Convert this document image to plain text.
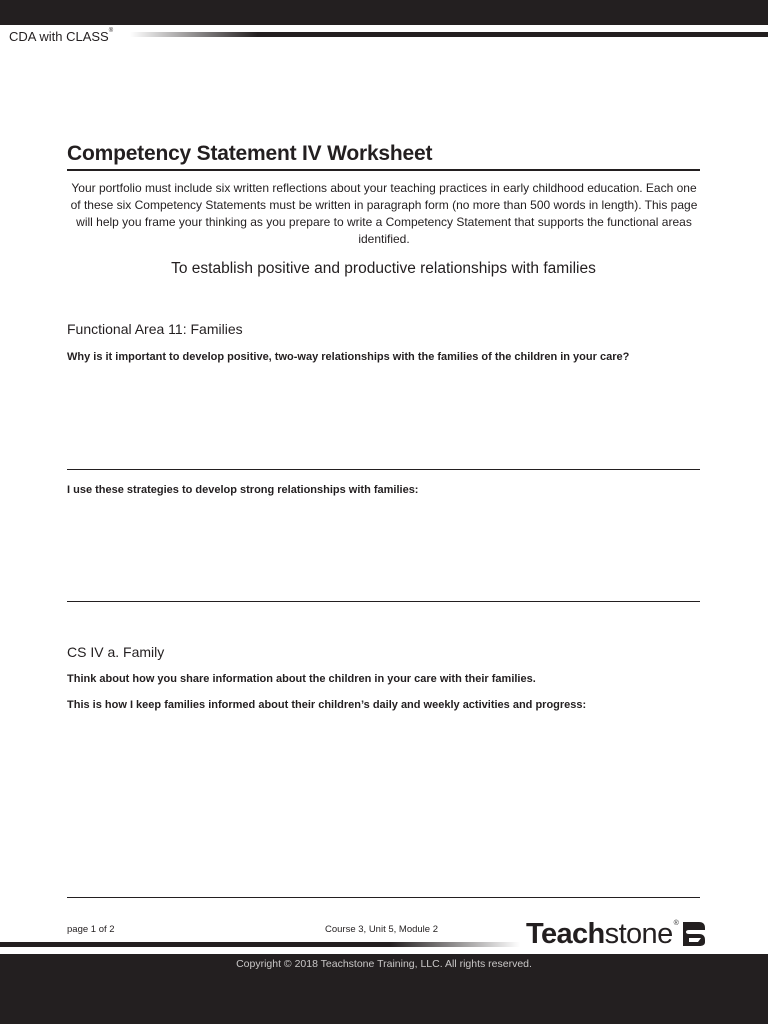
CDA with CLASS®
Competency Statement IV Worksheet
Your portfolio must include six written reflections about your teaching practices in early childhood education. Each one of these six Competency Statements must be written in paragraph form (no more than 500 words in length). This page will help you frame your thinking as you prepare to write a Competency Statement that supports the functional areas identified.
To establish positive and productive relationships with families
Functional Area 11: Families
Why is it important to develop positive, two-way relationships with the families of the children in your care?
I use these strategies to develop strong relationships with families:
CS IV a. Family
Think about how you share information about the children in your care with their families.
This is how I keep families informed about their children’s daily and weekly activities and progress:
page 1 of 2	Course 3, Unit 5, Module 2	Teachstone ®
Copyright © 2018 Teachstone Training, LLC. All rights reserved.
